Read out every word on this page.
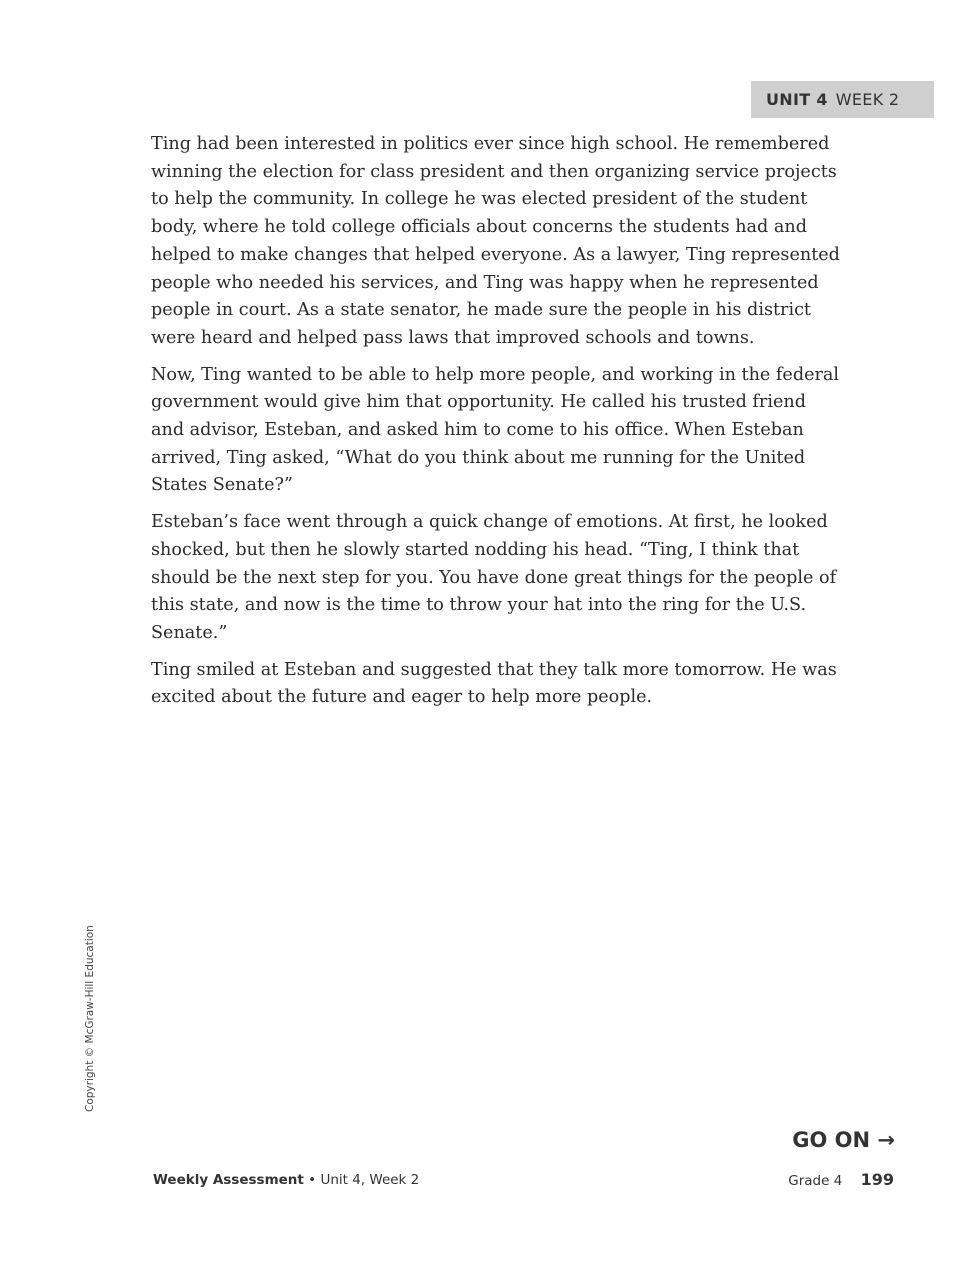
UNIT 4 WEEK 2

Ting had been interested in politics ever since high school. He remembered winning the election for class president and then organizing service projects to help the community. In college he was elected president of the student body, where he told college officials about concerns the students had and helped to make changes that helped everyone. As a lawyer, Ting represented people who needed his services, and Ting was happy when he represented people in court. As a state senator, he made sure the people in his district were heard and helped pass laws that improved schools and towns.

Now, Ting wanted to be able to help more people, and working in the federal government would give him that opportunity. He called his trusted friend and advisor, Esteban, and asked him to come to his office. When Esteban arrived, Ting asked, “What do you think about me running for the United States Senate?”

Esteban’s face went through a quick change of emotions. At first, he looked shocked, but then he slowly started nodding his head. “Ting, I think that should be the next step for you. You have done great things for the people of this state, and now is the time to throw your hat into the ring for the U.S. Senate.”

Ting smiled at Esteban and suggested that they talk more tomorrow. He was excited about the future and eager to help more people.

Copyright © McGraw-Hill Education
GO ON →
Weekly Assessment • Unit 4, Week 2	Grade 4 199
